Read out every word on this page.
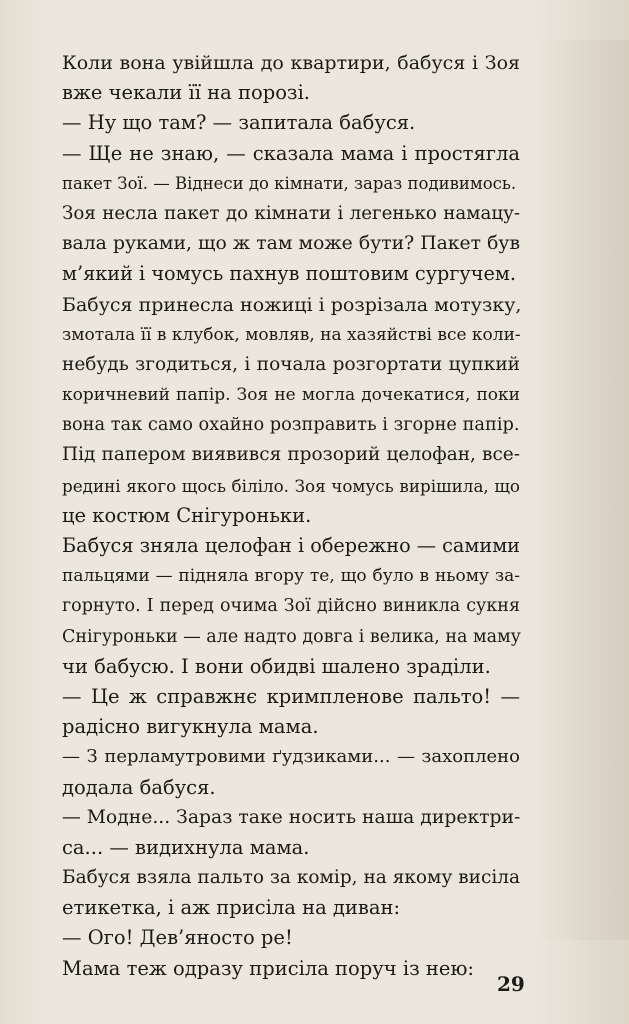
Коли вона увійшла до квартири, бабуся і Зоя
вже чекали її на порозі.
— Ну що там? — запитала бабуся.
— Ще не знаю, — сказала мама і простягла
пакет Зої. — Віднеси до кімнати, зараз подивимось.
Зоя несла пакет до кімнати і легенько намацу-
вала руками, що ж там може бути? Пакет був
м’який і чомусь пахнув поштовим сургучем.
Бабуся принесла ножиці і розрізала мотузку,
змотала її в клубок, мовляв, на хазяйстві все коли-
небудь згодиться, і почала розгортати цупкий
коричневий папір. Зоя не могла дочекатися, поки
вона так само охайно розправить і згорне папір.
Під папером виявився прозорий целофан, все-
редині якого щось біліло. Зоя чомусь вирішила, що
це костюм Снігуроньки.
Бабуся зняла целофан і обережно — самими
пальцями — підняла вгору те, що було в ньому за-
горнуто. І перед очима Зої дійсно виникла сукня
Снігуроньки — але надто довга і велика, на маму
чи бабусю. І вони обидві шалено зраділи.
— Це ж справжнє кримпленове пальто! —
радісно вигукнула мама.
— З перламутровими ґудзиками... — захоплено
додала бабуся.
— Модне... Зараз таке носить наша директри-
са... — видихнула мама.
Бабуся взяла пальто за комір, на якому висіла
етикетка, і аж присіла на диван:
— Ого! Дев’яносто ре!
Мама теж одразу присіла поруч із нею:
29
